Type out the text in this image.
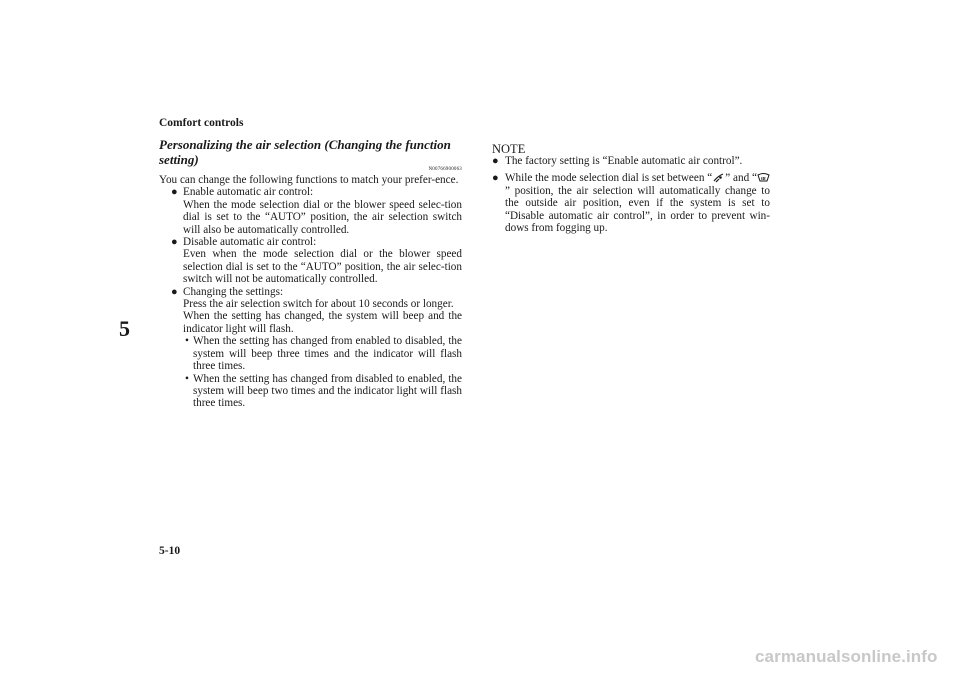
Comfort controls

5

Personalizing the air selection (Changing the function setting)

N00766900063

You can change the following functions to match your prefer-ence.

● Enable automatic air control:
When the mode selection dial or the blower speed selec-tion dial is set to the “AUTO” position, the air selection switch will also be automatically controlled.
● Disable automatic air control:
Even when the mode selection dial or the blower speed selection dial is set to the “AUTO” position, the air selec-tion switch will not be automatically controlled.
● Changing the settings:
Press the air selection switch for about 10 seconds or longer.
When the setting has changed, the system will beep and the indicator light will flash.
• When the setting has changed from enabled to disabled, the system will beep three times and the indicator will flash three times.
• When the setting has changed from disabled to enabled, the system will beep two times and the indicator light will flash three times.

NOTE

● The factory setting is “Enable automatic air control”.
● While the mode selection dial is set between “ ” and “” position, the air selection will automatically change to the outside air position, even if the system is set to “Disable automatic air control”, in order to prevent win-dows from fogging up.

5-10

carmanualsonline.info
